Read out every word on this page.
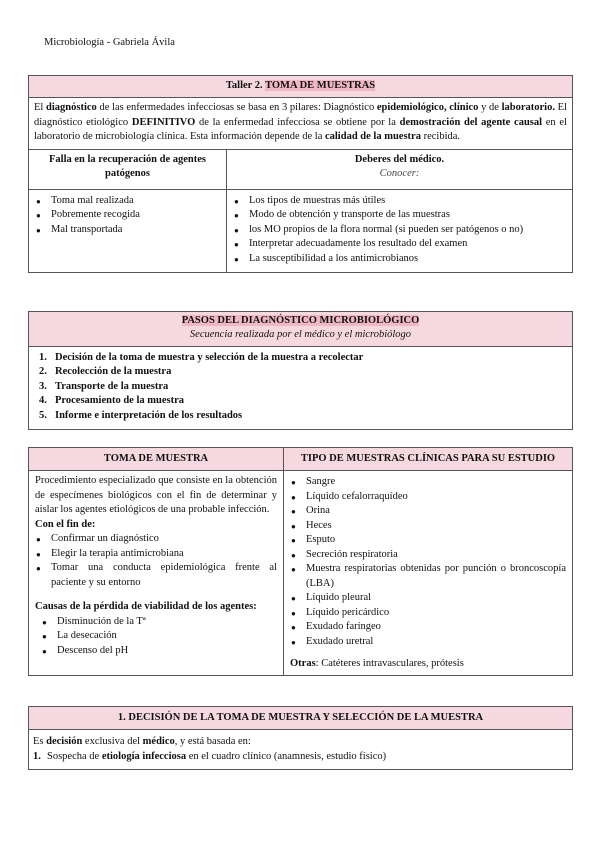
Microbiología - Gabriela Ávila
Taller 2. TOMA DE MUESTRAS
El diagnóstico de las enfermedades infecciosas se basa en 3 pilares: Diagnóstico epidemiológico, clínico y de laboratorio. El diagnóstico etiológico DEFINITIVO de la enfermedad infecciosa se obtiene por la demostración del agente causal en el laboratorio de microbiología clínica. Esta información depende de la calidad de la muestra recibida.
Falla en la recuperación de agentes patógenos
● Toma mal realizada
● Pobremente recogida
● Mal transportada
Deberes del médico.
Conocer:
● Los tipos de muestras más útiles
● Modo de obtención y transporte de las muestras
● los MO propios de la flora normal (si pueden ser patógenos o no)
● Interpretar adecuadamente los resultado del examen
● La susceptibilidad a los antimicrobianos
PASOS DEL DIAGNÓSTICO MICROBIOLÓGICO
Secuencia realizada por el médico y el microbiólogo
1. Decisión de la toma de muestra y selección de la muestra a recolectar
2. Recolección de la muestra
3. Transporte de la muestra
4. Procesamiento de la muestra
5. Informe e interpretación de los resultados
TOMA DE MUESTRA
Procedimiento especializado que consiste en la obtención de especímenes biológicos con el fin de determinar y aislar los agentes etiológicos de una probable infección.
Con el fin de:
● Confirmar un diagnóstico
● Elegir la terapia antimicrobiana
● Tomar una conducta epidemiológica frente al paciente y su entorno
Causas de la pérdida de viabilidad de los agentes:
● Disminución de la Tª
● La desecación
● Descenso del pH
TIPO DE MUESTRAS CLÍNICAS PARA SU ESTUDIO
● Sangre
● Líquido cefalorraquídeo
● Orina
● Heces
● Esputo
● Secreción respiratoria
● Muestra respiratorias obtenidas por punción o broncoscopía (LBA)
● Líquido pleural
● Líquido pericárdico
● Exudado faríngeo
● Exudado uretral
Otras: Catéteres intravasculares, prótesis
1. DECISIÓN DE LA TOMA DE MUESTRA Y SELECCIÓN DE LA MUESTRA
Es decisión exclusiva del médico, y está basada en:
1. Sospecha de etiología infecciosa en el cuadro clínico (anamnesis, estudio físico)
